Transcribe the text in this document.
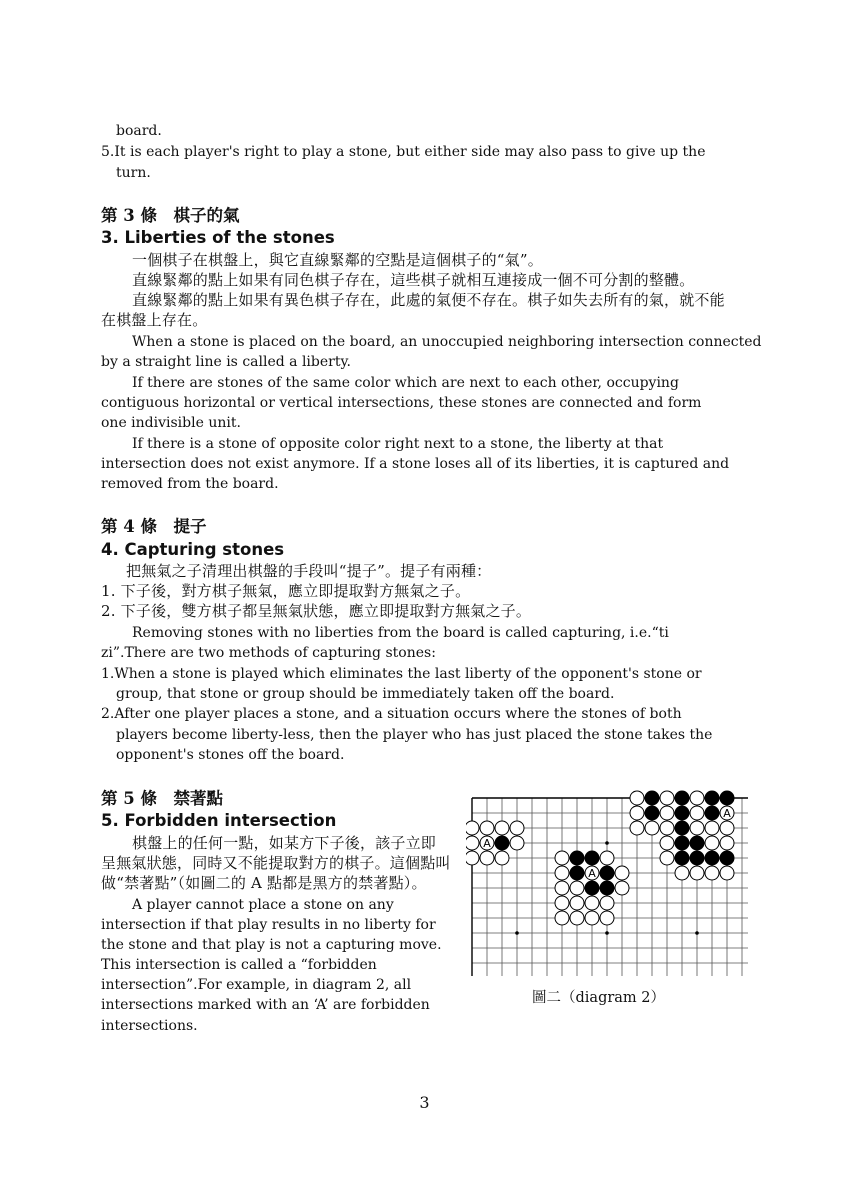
board.
5.It is each player's right to play a stone, but either side may also pass to give up the
turn.
第 3 條　棋子的氣
3. Liberties of the stones
一個棋子在棋盤上，與它直線緊鄰的空點是這個棋子的“氣”。
直線緊鄰的點上如果有同色棋子存在，這些棋子就相互連接成一個不可分割的整體。
直線緊鄰的點上如果有異色棋子存在，此處的氣便不存在。棋子如失去所有的氣，就不能
在棋盤上存在。
When a stone is placed on the board, an unoccupied neighboring intersection connected
by a straight line is called a liberty.
If there are stones of the same color which are next to each other, occupying
contiguous horizontal or vertical intersections, these stones are connected and form
one indivisible unit.
If there is a stone of opposite color right next to a stone, the liberty at that
intersection does not exist anymore. If a stone loses all of its liberties, it is captured and
removed from the board.
第 4 條　提子
4. Capturing stones
把無氣之子清理出棋盤的手段叫“提子”。提子有兩種：
1. 下子後，對方棋子無氣，應立即提取對方無氣之子。
2. 下子後，雙方棋子都呈無氣狀態，應立即提取對方無氣之子。
Removing stones with no liberties from the board is called capturing, i.e.“ti
zi”.There are two methods of capturing stones:
1.When a stone is played which eliminates the last liberty of the opponent's stone or
group, that stone or group should be immediately taken off the board.
2.After one player places a stone, and a situation occurs where the stones of both
players become liberty-less, then the player who has just placed the stone takes the
opponent's stones off the board.
第 5 條　禁著點
5. Forbidden intersection
棋盤上的任何一點，如某方下子後，該子立即
呈無氣狀態，同時又不能提取對方的棋子。這個點叫
做“禁著點”（如圖二的 A 點都是黑方的禁著點）。
A player cannot place a stone on any
intersection if that play results in no liberty for
the stone and that play is not a capturing move.
This intersection is called a “forbidden
intersection”.For example, in diagram 2, all
intersections marked with an ‘A’ are forbidden
intersections.
A
A
A
圖二（diagram 2）
3
